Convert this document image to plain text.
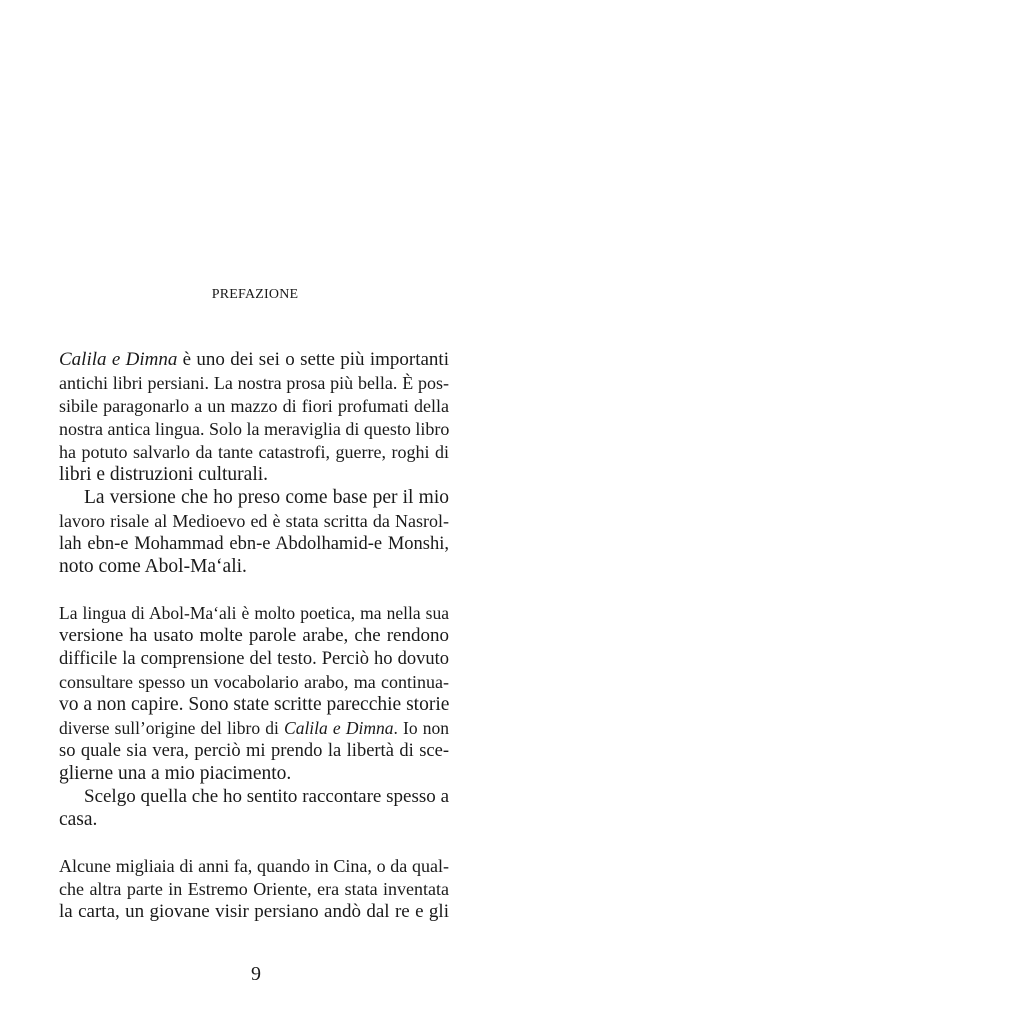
PREFAZIONE
Calila e Dimna è uno dei sei o sette più importanti
antichi libri persiani. La nostra prosa più bella. È pos-
sibile paragonarlo a un mazzo di fiori profumati della
nostra antica lingua. Solo la meraviglia di questo libro
ha potuto salvarlo da tante catastrofi, guerre, roghi di
libri e distruzioni culturali.
La versione che ho preso come base per il mio
lavoro risale al Medioevo ed è stata scritta da Nasrol-
lah ebn-e Mohammad ebn-e Abdolhamid-e Monshi,
noto come Abol-Ma‘ali.
La lingua di Abol-Ma‘ali è molto poetica, ma nella sua
versione ha usato molte parole arabe, che rendono
difficile la comprensione del testo. Perciò ho dovuto
consultare spesso un vocabolario arabo, ma continua-
vo a non capire. Sono state scritte parecchie storie
diverse sull’origine del libro di Calila e Dimna. Io non
so quale sia vera, perciò mi prendo la libertà di sce-
glierne una a mio piacimento.
Scelgo quella che ho sentito raccontare spesso a
casa.
Alcune migliaia di anni fa, quando in Cina, o da qual-
che altra parte in Estremo Oriente, era stata inventata
la carta, un giovane visir persiano andò dal re e gli
9
